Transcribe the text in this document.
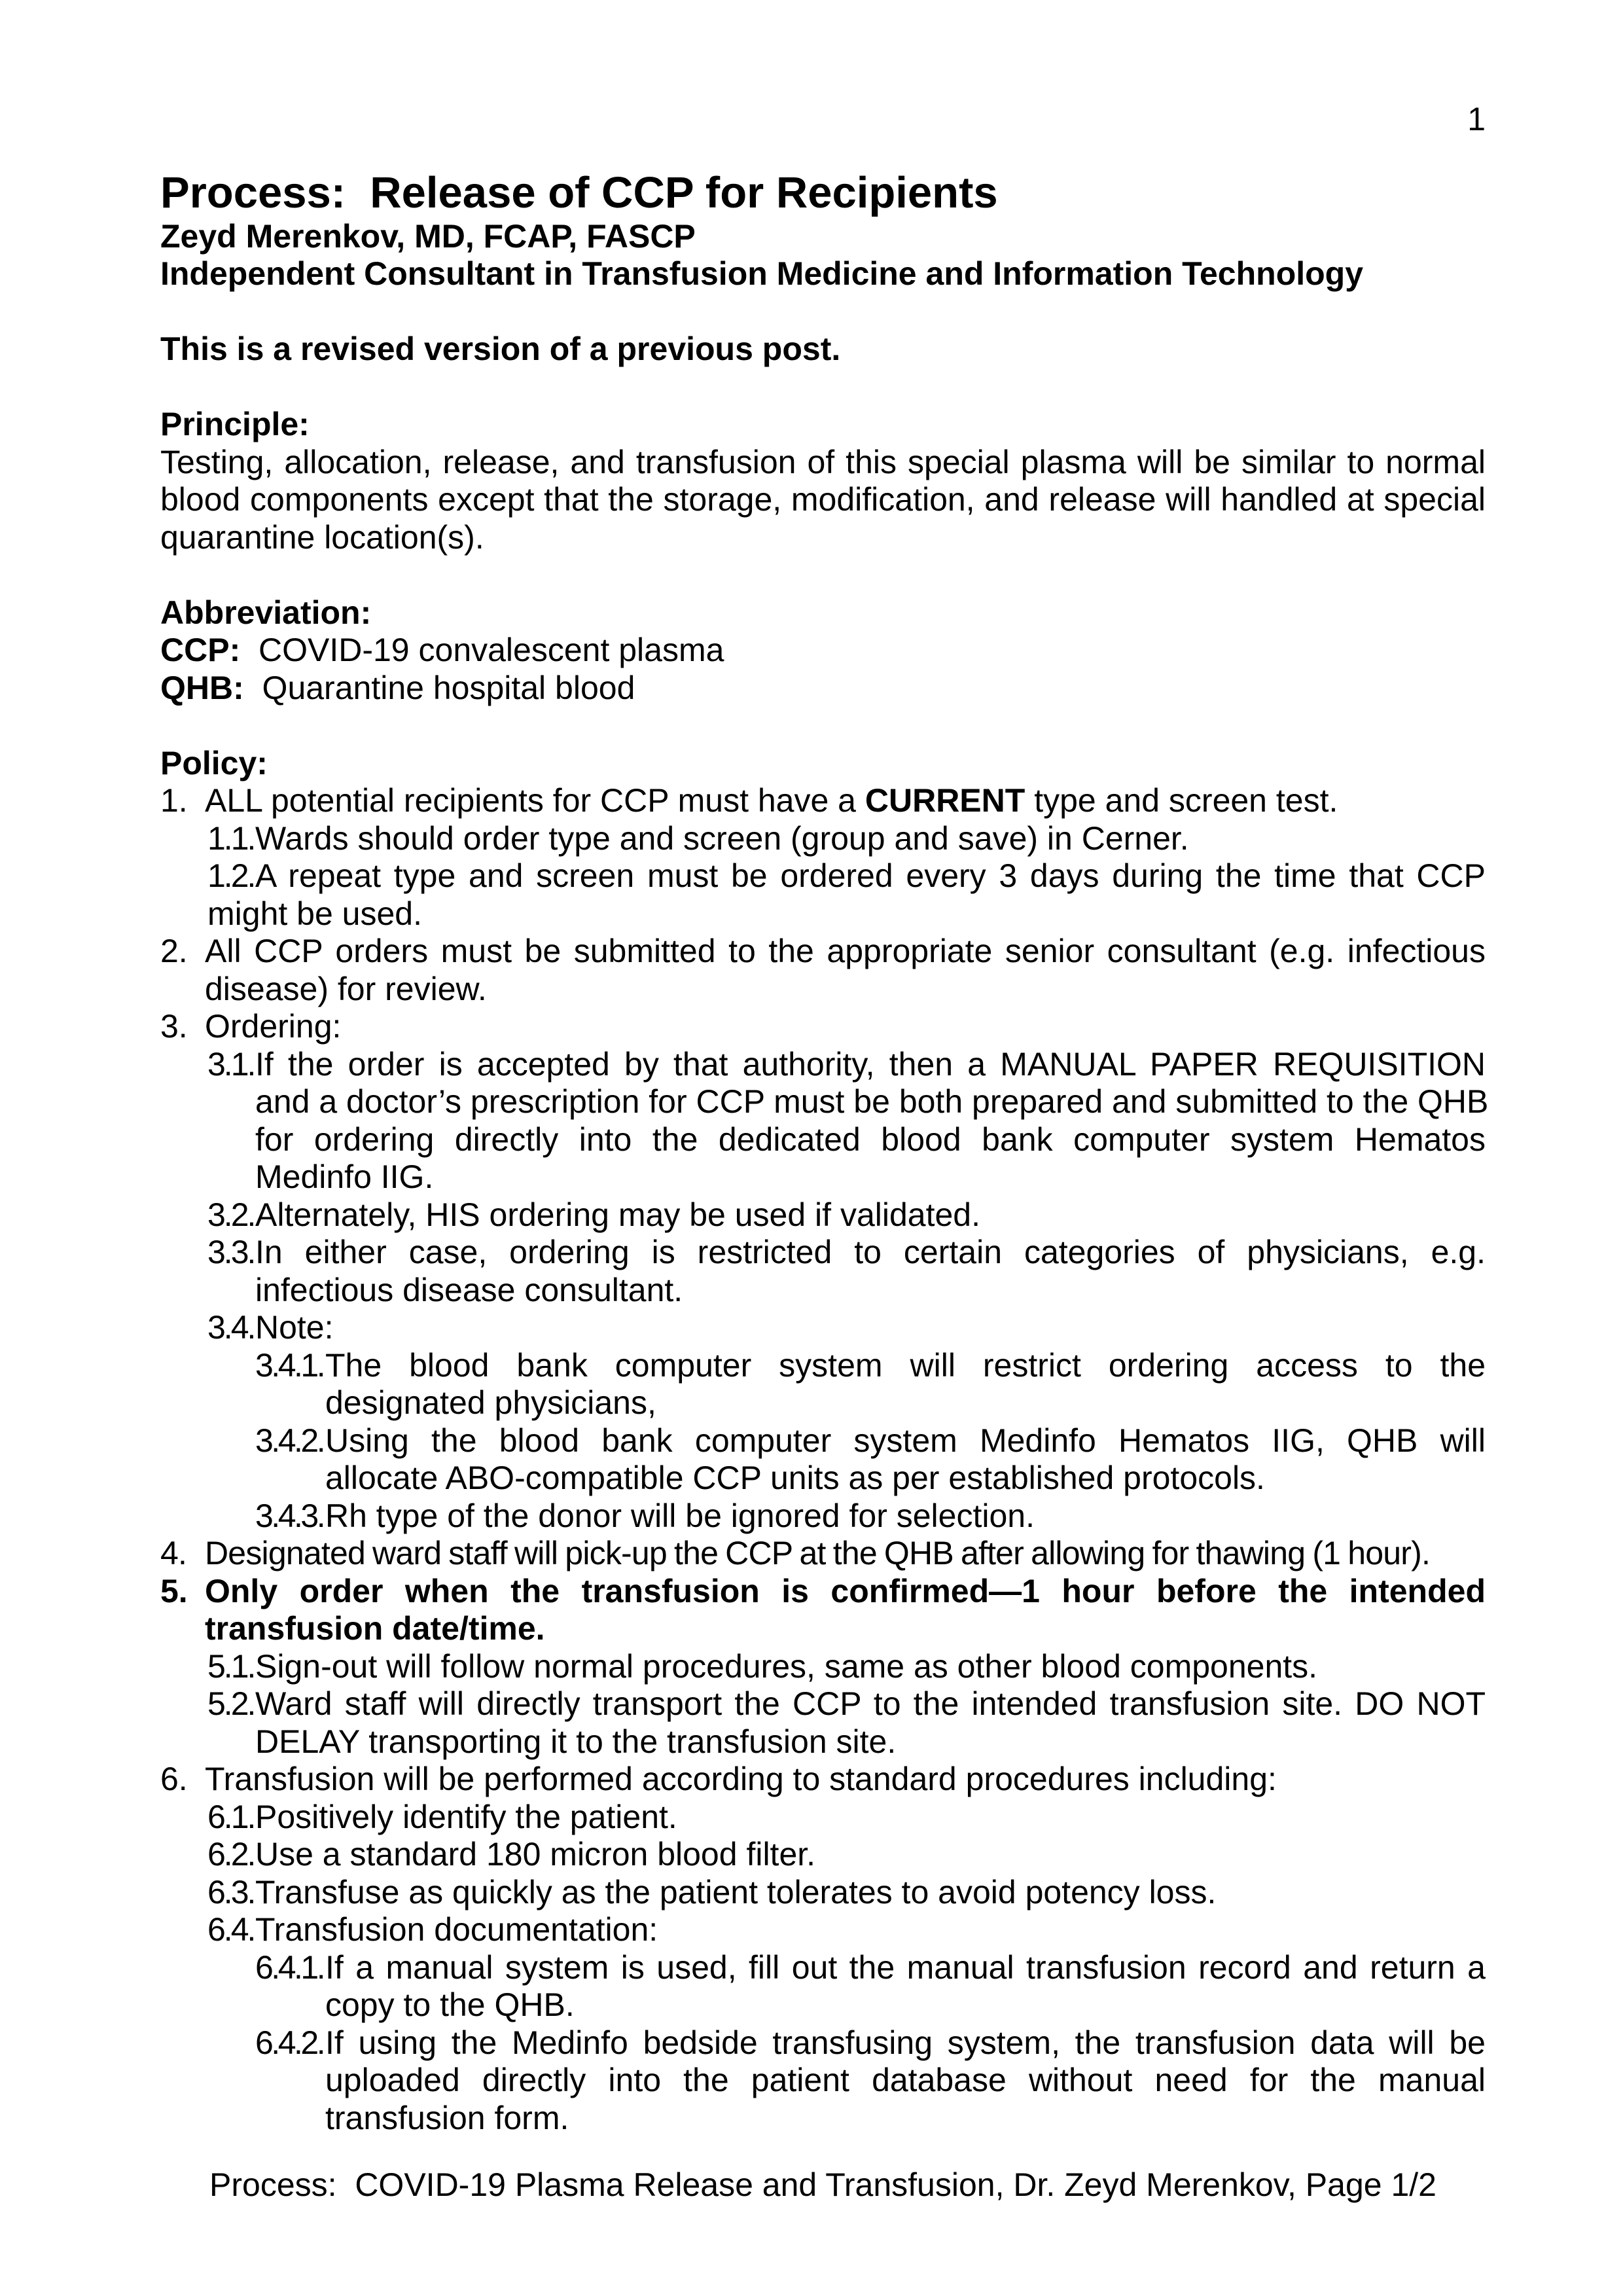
1
Process:  Release of CCP for Recipients
Zeyd Merenkov, MD, FCAP, FASCP
Independent Consultant in Transfusion Medicine and Information Technology
This is a revised version of a previous post.
Principle:
Testing, allocation, release, and transfusion of this special plasma will be similar to normal
blood components except that the storage, modification, and release will handled at special
quarantine location(s).
Abbreviation:
CCP:  COVID-19 convalescent plasma
QHB:  Quarantine hospital blood
Policy:
1. ALL potential recipients for CCP must have a CURRENT type and screen test.
1.1.Wards should order type and screen (group and save) in Cerner.
1.2.A repeat type and screen must be ordered every 3 days during the time that CCP
might be used.
2. All CCP orders must be submitted to the appropriate senior consultant (e.g. infectious
disease) for review.
3. Ordering:
3.1.If the order is accepted by that authority, then a MANUAL PAPER REQUISITION
and a doctor’s prescription for CCP must be both prepared and submitted to the QHB
for ordering directly into the dedicated blood bank computer system Hematos
Medinfo IIG.
3.2.Alternately, HIS ordering may be used if validated.
3.3.In either case, ordering is restricted to certain categories of physicians, e.g.
infectious disease consultant.
3.4.Note:
3.4.1.The blood bank computer system will restrict ordering access to the
designated physicians,
3.4.2.Using the blood bank computer system Medinfo Hematos IIG, QHB will
allocate ABO-compatible CCP units as per established protocols.
3.4.3.Rh type of the donor will be ignored for selection.
4. Designated ward staff will pick-up the CCP at the QHB after allowing for thawing (1 hour).
5. Only order when the transfusion is confirmed—1 hour before the intended
transfusion date/time.
5.1.Sign-out will follow normal procedures, same as other blood components.
5.2.Ward staff will directly transport the CCP to the intended transfusion site. DO NOT
DELAY transporting it to the transfusion site.
6. Transfusion will be performed according to standard procedures including:
6.1.Positively identify the patient.
6.2.Use a standard 180 micron blood filter.
6.3.Transfuse as quickly as the patient tolerates to avoid potency loss.
6.4.Transfusion documentation:
6.4.1.If a manual system is used, fill out the manual transfusion record and return a
copy to the QHB.
6.4.2.If using the Medinfo bedside transfusing system, the transfusion data will be
uploaded directly into the patient database without need for the manual
transfusion form.
Process:  COVID-19 Plasma Release and Transfusion, Dr. Zeyd Merenkov, Page 1/2
